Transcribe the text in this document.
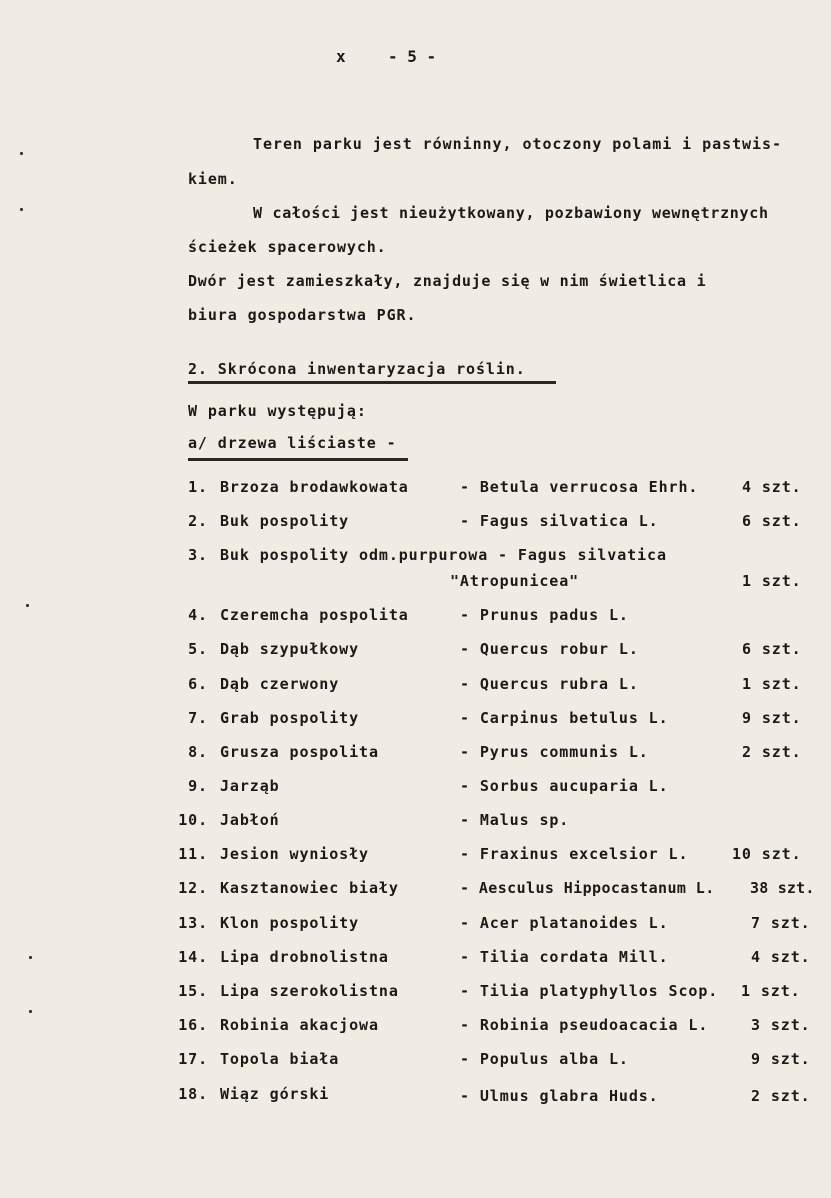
x	- 5 -
Teren parku jest równinny, otoczony polami i pastwis-
kiem.
W całości jest nieużytkowany, pozbawiony wewnętrznych
ścieżek spacerowych.
Dwór jest zamieszkały, znajduje się w nim świetlica i
biura gospodarstwa PGR.
2. Skrócona inwentaryzacja roślin.
W parku występują:
a/ drzewa liściaste -
1. Brzoza brodawkowata	- Betula verrucosa Ehrh.	4 szt.
2. Buk pospolity	- Fagus silvatica L.	6 szt.
3. Buk pospolity odm.purpurowa - Fagus silvatica
"Atropunicea"	1 szt.
4. Czeremcha pospolita	- Prunus padus L.
5. Dąb szypułkowy	- Quercus robur L.	6 szt.
6. Dąb czerwony	- Quercus rubra L.	1 szt.
7. Grab pospolity	- Carpinus betulus L.	9 szt.
8. Grusza pospolita	- Pyrus communis L.	2 szt.
9. Jarząb	- Sorbus aucuparia L.
10. Jabłoń	- Malus sp.
11. Jesion wyniosły	- Fraxinus excelsior L.	10 szt.
12. Kasztanowiec biały	- Aesculus Hippocastanum L. 38 szt.
13. Klon pospolity	- Acer platanoides L.	7 szt.
14. Lipa drobnolistna	- Tilia cordata Mill.	4 szt.
15. Lipa szerokolistna	- Tilia platyphyllos Scop. 1 szt.
16. Robinia akacjowa	- Robinia pseudoacacia L.	3 szt.
17. Topola biała	- Populus alba L.	9 szt.
18. Wiąz górski	- Ulmus glabra Huds.	2 szt.
